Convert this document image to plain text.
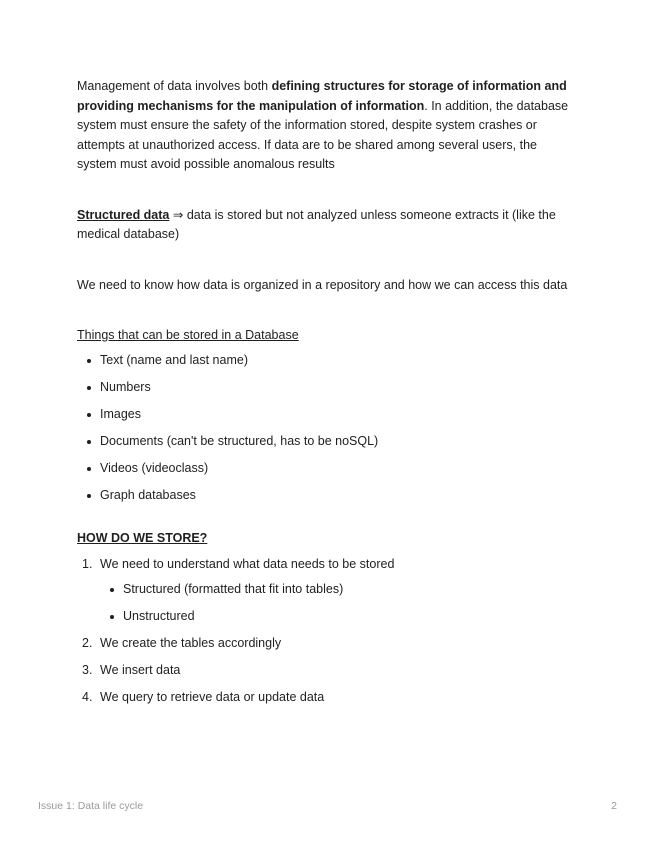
Management of data involves both defining structures for storage of information and providing mechanisms for the manipulation of information. In addition, the database system must ensure the safety of the information stored, despite system crashes or attempts at unauthorized access. If data are to be shared among several users, the system must avoid possible anomalous results

Structured data ⇒ data is stored but not analyzed unless someone extracts it (like the medical database)

We need to know how data is organized in a repository and how we can access this data

Things that can be stored in a Database

Text (name and last name)
Numbers
Images
Documents (can't be structured, has to be noSQL)
Videos (videoclass)
Graph databases

HOW DO WE STORE?

1. We need to understand what data needs to be stored
Structured (formatted that fit into tables)
Unstructured
2. We create the tables accordingly
3. We insert data
4. We query to retrieve data or update data
Issue 1: Data life cycle	2
